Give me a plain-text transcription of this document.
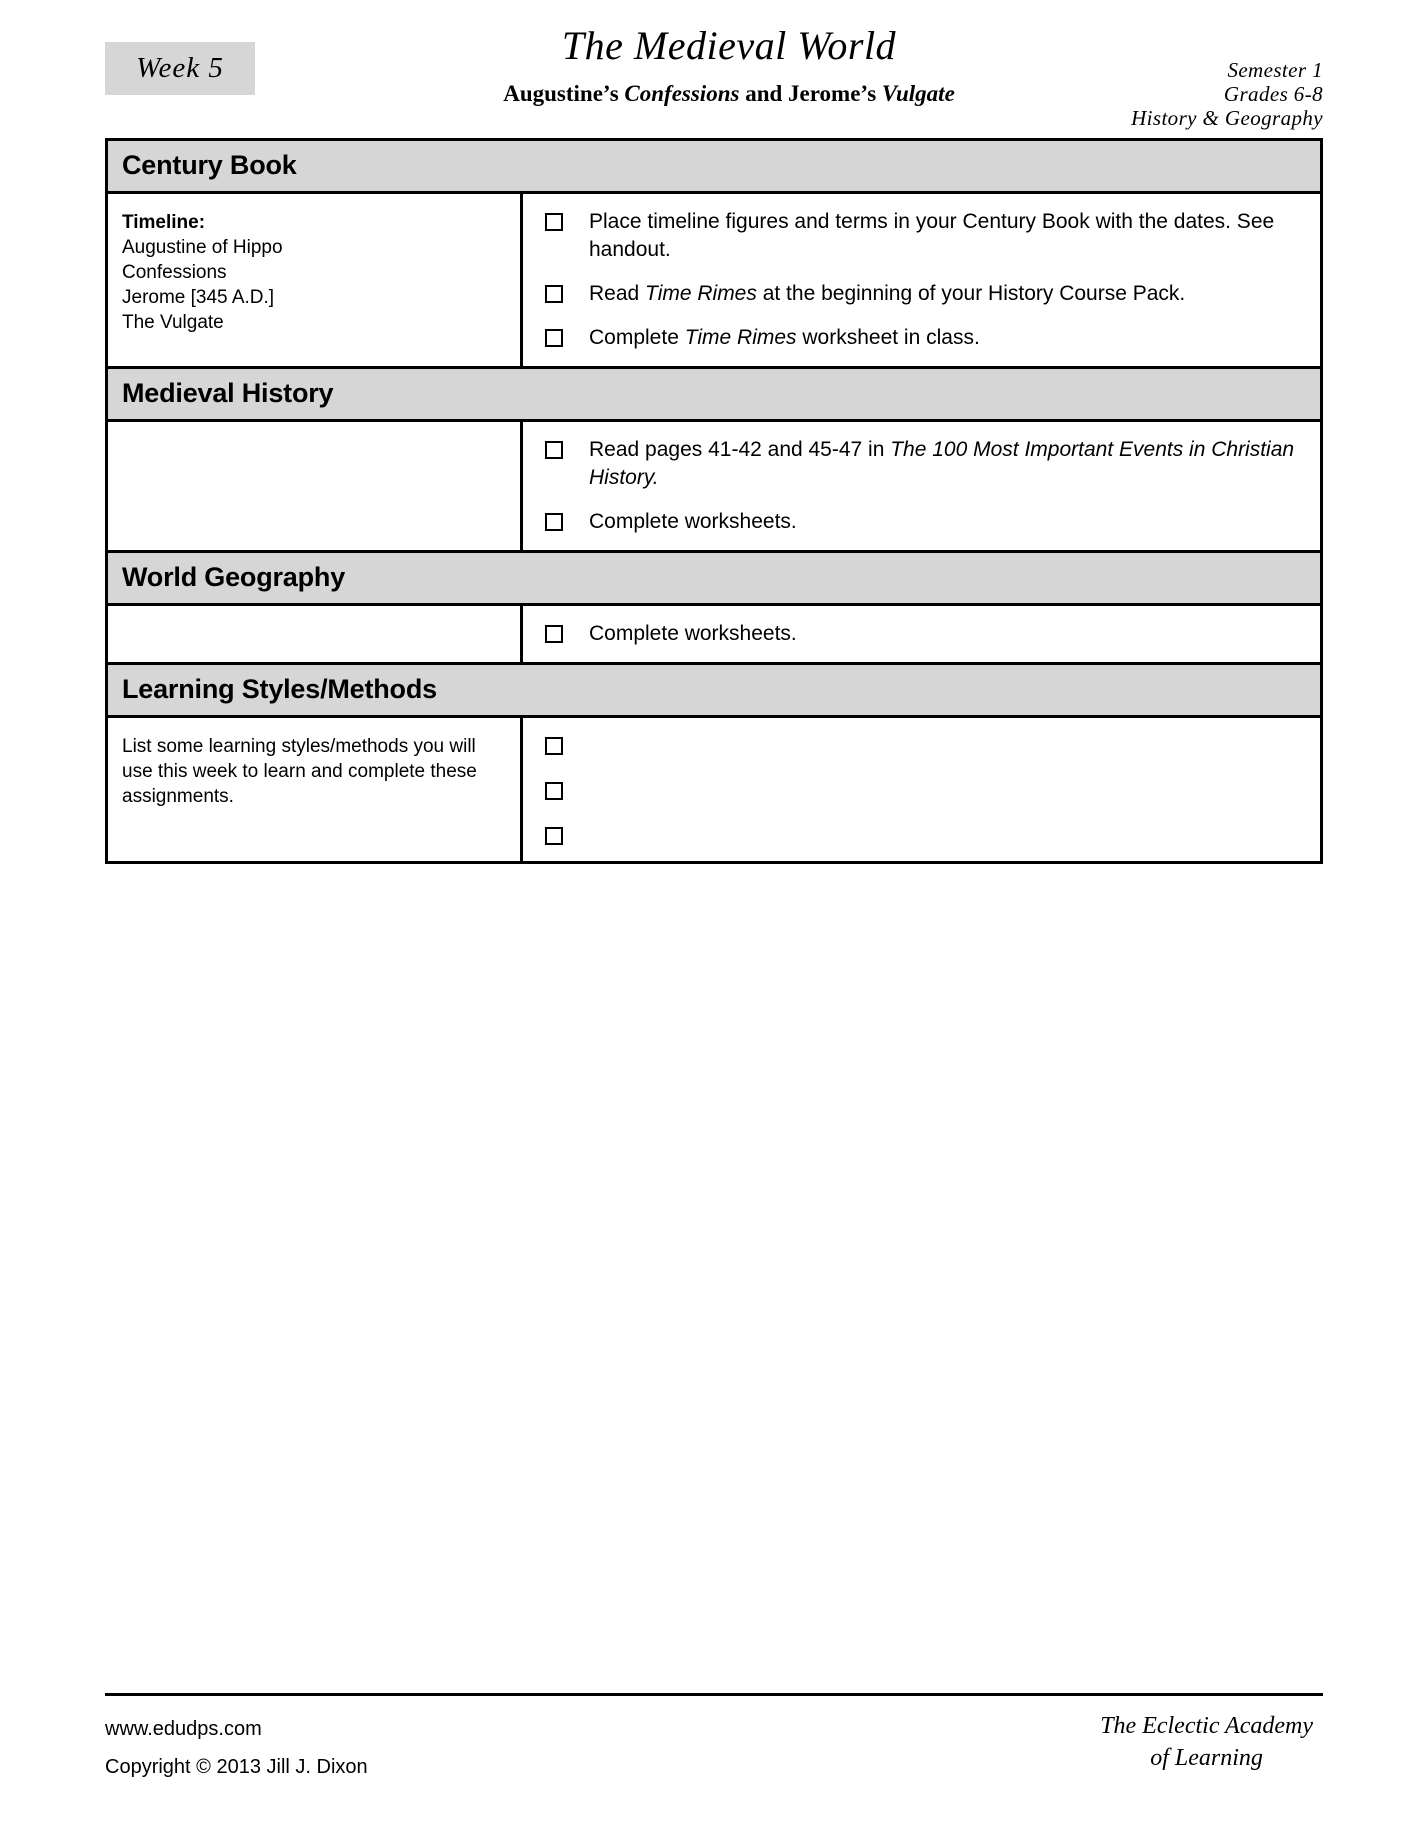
Week 5	The Medieval World
Augustine’s Confessions and Jerome’s Vulgate
Semester 1
Grades 6-8
History & Geography
Century Book
Timeline:
Augustine of Hippo
Confessions
Jerome [345 A.D.]
The Vulgate
Place timeline figures and terms in your Century Book with the dates. See handout.
Read Time Rimes at the beginning of your History Course Pack.
Complete Time Rimes worksheet in class.
Medieval History
Read pages 41-42 and 45-47 in The 100 Most Important Events in Christian History.
Complete worksheets.
World Geography
Complete worksheets.
Learning Styles/Methods
List some learning styles/methods you will use this week to learn and complete these assignments.
www.edudps.com
Copyright © 2013 Jill J. Dixon
The Eclectic Academy
of Learning
